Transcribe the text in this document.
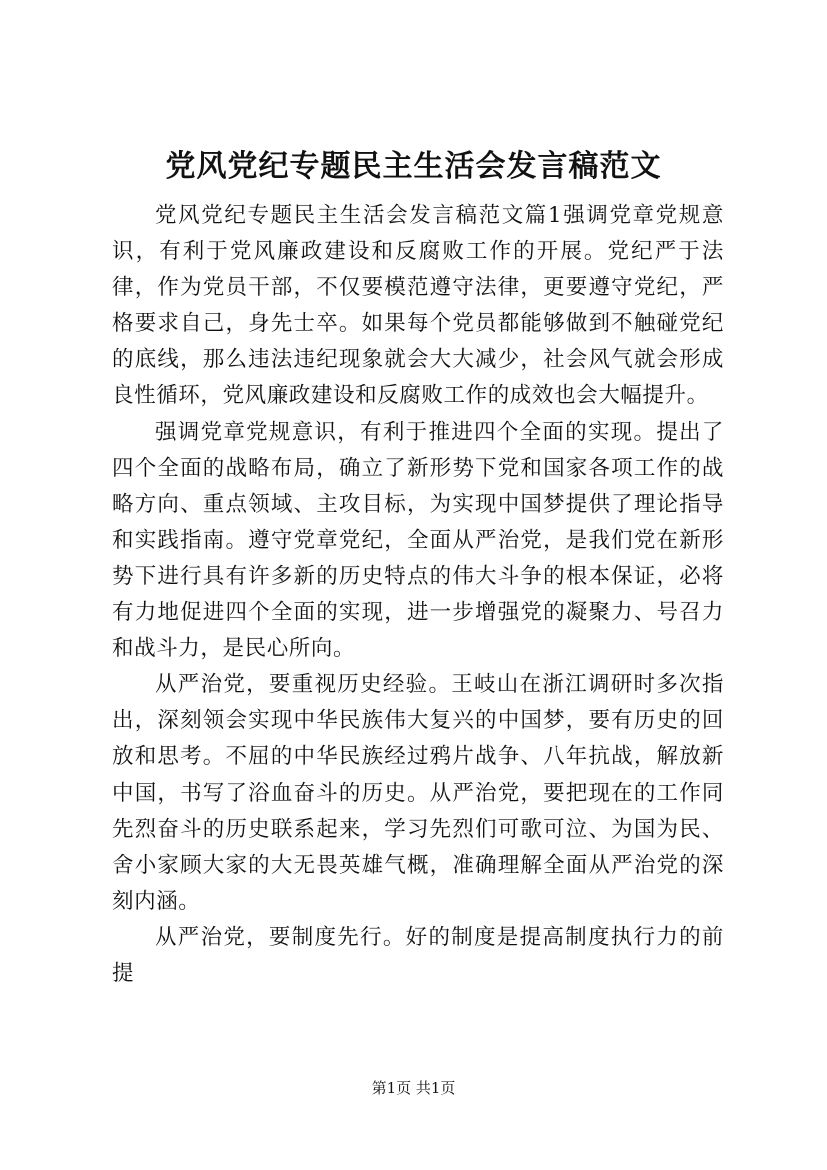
党风党纪专题民主生活会发言稿范文

党风党纪专题民主生活会发言稿范文篇1强调党章党规意识，有利于党风廉政建设和反腐败工作的开展。党纪严于法律，作为党员干部，不仅要模范遵守法律，更要遵守党纪，严格要求自己，身先士卒。如果每个党员都能够做到不触碰党纪的底线，那么违法违纪现象就会大大减少，社会风气就会形成良性循环，党风廉政建设和反腐败工作的成效也会大幅提升。

强调党章党规意识，有利于推进四个全面的实现。提出了四个全面的战略布局，确立了新形势下党和国家各项工作的战略方向、重点领域、主攻目标，为实现中国梦提供了理论指导和实践指南。遵守党章党纪，全面从严治党，是我们党在新形势下进行具有许多新的历史特点的伟大斗争的根本保证，必将有力地促进四个全面的实现，进一步增强党的凝聚力、号召力和战斗力，是民心所向。

从严治党，要重视历史经验。王岐山在浙江调研时多次指出，深刻领会实现中华民族伟大复兴的中国梦，要有历史的回放和思考。不屈的中华民族经过鸦片战争、八年抗战，解放新中国，书写了浴血奋斗的历史。从严治党，要把现在的工作同先烈奋斗的历史联系起来，学习先烈们可歌可泣、为国为民、舍小家顾大家的大无畏英雄气概，准确理解全面从严治党的深刻内涵。

从严治党，要制度先行。好的制度是提高制度执行力的前提

第1页 共1页
